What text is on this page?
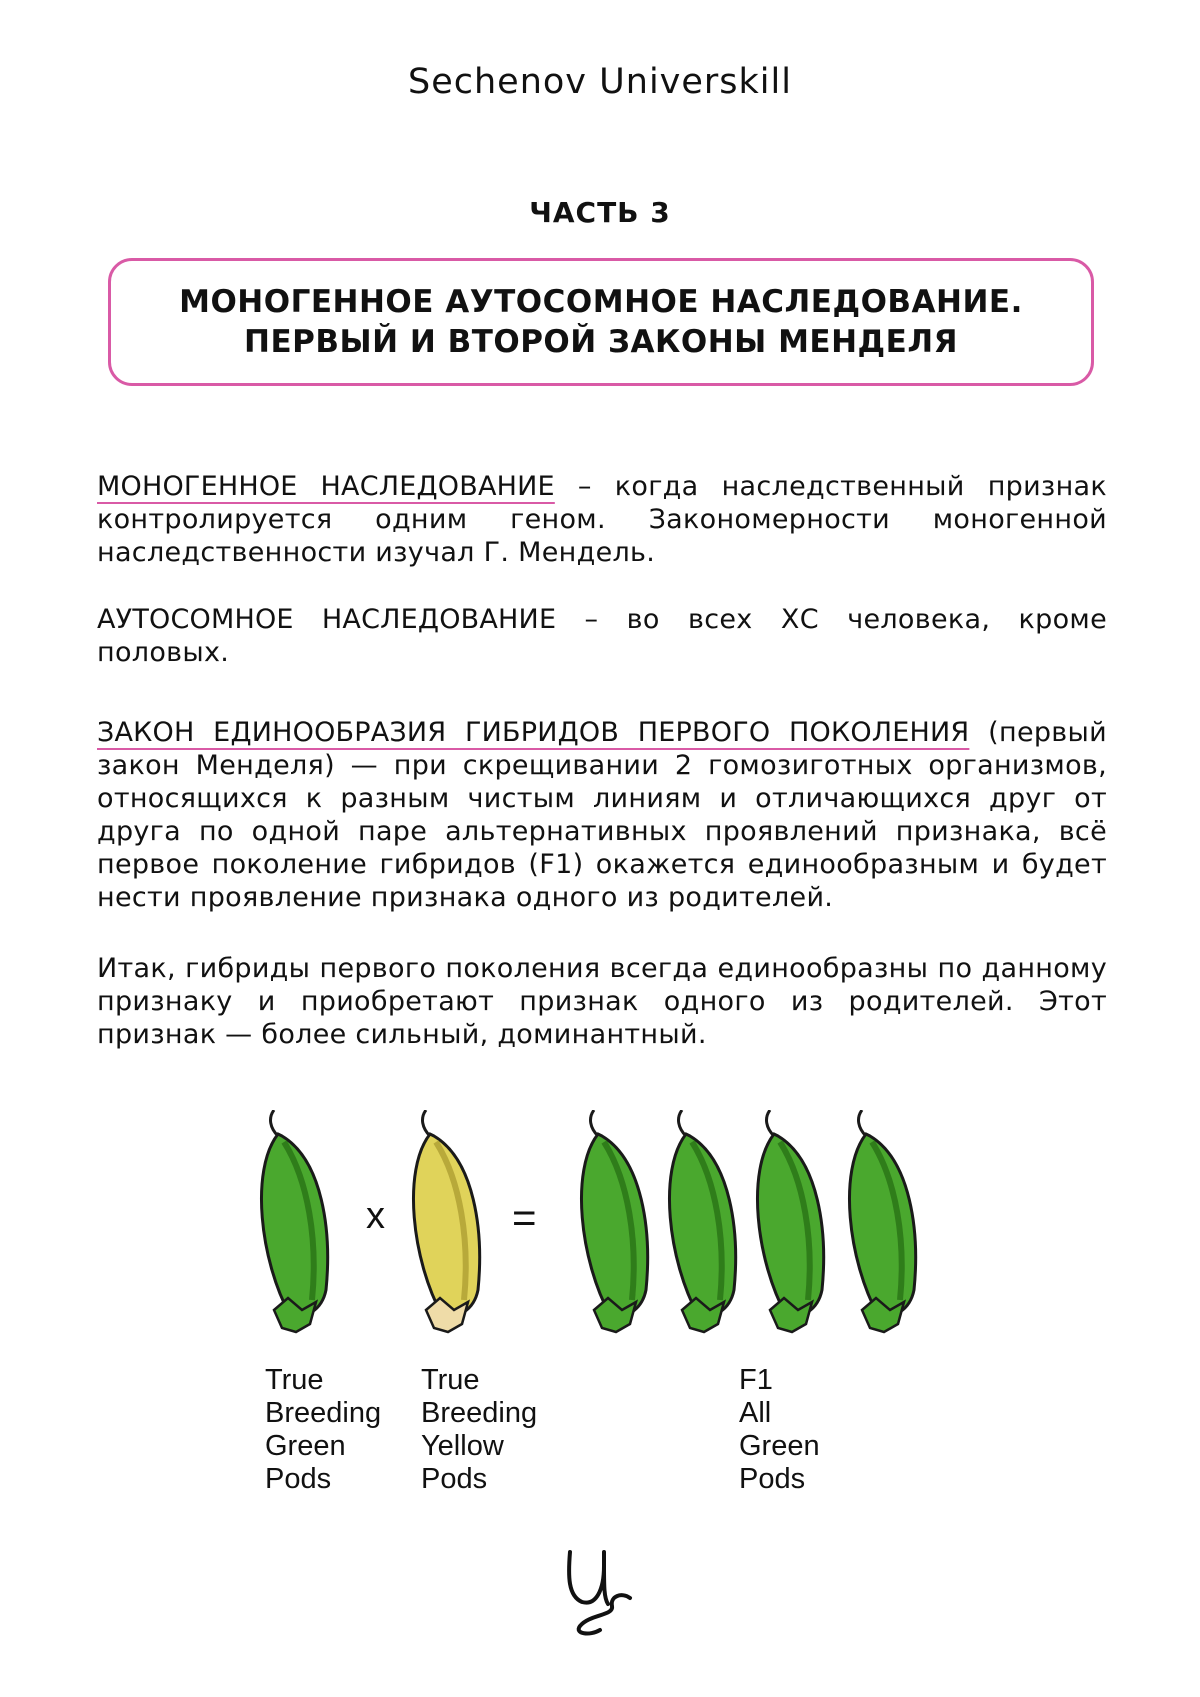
Sechenov Universkill
ЧАСТЬ 3
МОНОГЕННОЕ АУТОСОМНОЕ НАСЛЕДОВАНИЕ.
ПЕРВЫЙ И ВТОРОЙ ЗАКОНЫ МЕНДЕЛЯ
МОНОГЕННОЕ НАСЛЕДОВАНИЕ – когда наследственный признак контролируется одним геном. Закономерности моногенной наследственности изучал Г. Мендель.
АУТОСОМНОЕ НАСЛЕДОВАНИЕ – во всех ХС человека, кроме половых.
ЗАКОН ЕДИНООБРАЗИЯ ГИБРИДОВ ПЕРВОГО ПОКОЛЕНИЯ (первый закон Менделя) — при скрещивании 2 гомозиготных организмов, относящихся к разным чистым линиям и отличающихся друг от друга по одной паре альтернативных проявлений признака, всё первое поколение гибридов (F1) окажется единообразным и будет нести проявление признака одного из родителей.
Итак, гибриды первого поколения всегда единообразны по данному признаку и приобретают признак одного из родителей. Этот признак — более сильный, доминантный.
x	=
True
Breeding
Green
Pods
True
Breeding
Yellow
Pods
F1
All
Green
Pods
